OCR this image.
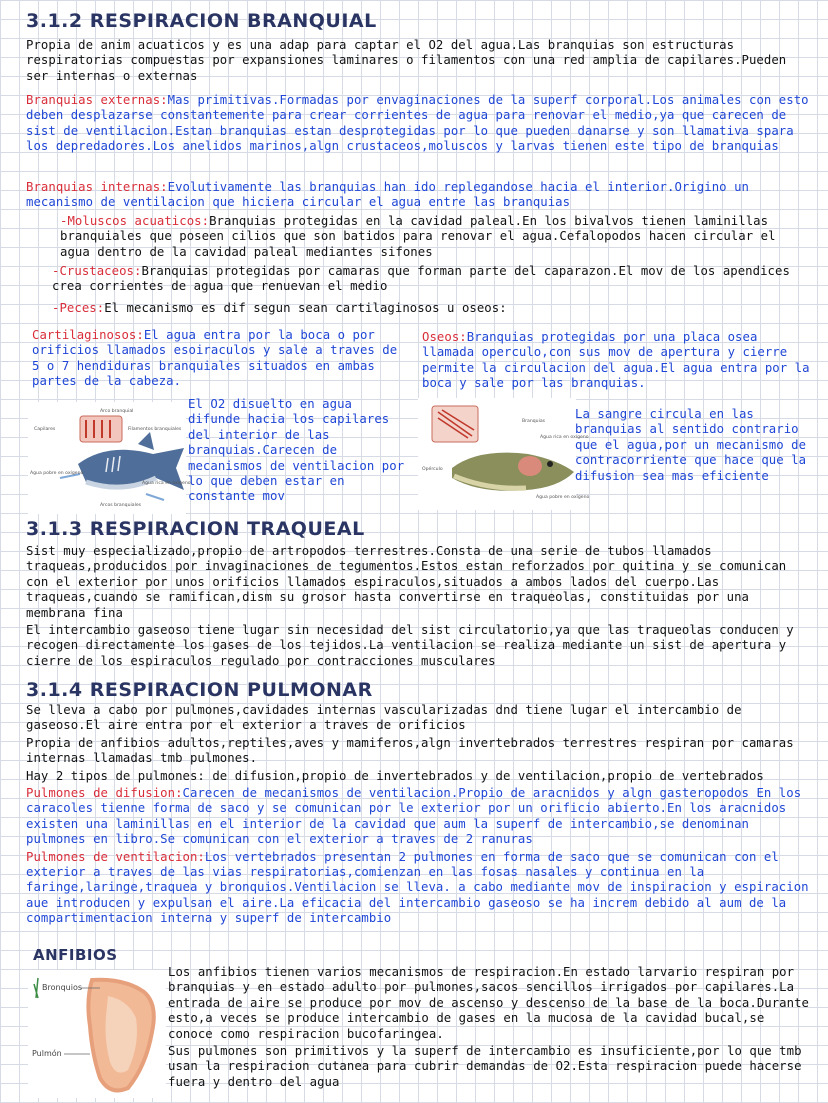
3.1.2 RESPIRACION BRANQUIAL

Propia de anim acuaticos y es una adap para captar el O2 del agua.Las branquias son estructuras respiratorias compuestas por expansiones laminares o filamentos con una red amplia de capilares.Pueden ser internas o externas

Branquias externas:Mas primitivas.Formadas por envaginaciones de la superf corporal.Los animales con esto deben desplazarse constantemente para crear corrientes de agua para renovar el medio,ya que carecen de sist de ventilacion.Estan branquias estan desprotegidas por lo que pueden danarse y son llamativa spara los depredadores.Los anelidos marinos,algn crustaceos,moluscos y larvas tienen este tipo de branquias

Branquias internas:Evolutivamente las branquias han ido replegandose hacia el interior.Origino un mecanismo de ventilacion que hiciera circular el agua entre las branquias

-Moluscos acuaticos:Branquias protegidas en la cavidad paleal.En los bivalvos tienen laminillas branquiales que poseen cilios que son batidos para renovar el agua.Cefalopodos hacen circular el agua dentro de la cavidad paleal mediantes sifones

-Crustaceos:Branquias protegidas por camaras que forman parte del caparazon.El mov de los apendices crea corrientes de agua que renuevan el medio

-Peces:El mecanismo es dif segun sean cartilaginosos u oseos:

Cartilaginosos:El agua entra por la boca o por orificios llamados esoiraculos y sale a traves de 5 o 7 hendiduras branquiales situados en ambas partes de la cabeza.

Oseos:Branquias protegidas por una placa osea llamada operculo,con sus mov de apertura y cierre permite la circulacion del agua.El agua entra por la boca y sale por las branquias.

Arco branquial
Capilares	Filamentos branquiales
Agua pobre en oxígeno
Agua rica en oxígeno
Arcos branquiales

El O2 disuelto en agua difunde hacia los capilares del interior de las branquias.Carecen de mecanismos de ventilacion por lo que deben estar en constante mov

Branquias
Agua rica en oxígeno
Opérculo
Agua pobre en oxígeno

La sangre circula en las branquias al sentido contrario que el agua,por un mecanismo de contracorriente que hace que la difusion sea mas eficiente

3.1.3 RESPIRACION TRAQUEAL

Sist muy especializado,propio de artropodos terrestres.Consta de una serie de tubos llamados traqueas,producidos por invaginaciones de tegumentos.Estos estan reforzados por quitina y se comunican con el exterior por unos orificios llamados espiraculos,situados a ambos lados del cuerpo.Las traqueas,cuando se ramifican,dism su grosor hasta convertirse en traqueolas, constituidas por una membrana fina

El intercambio gaseoso tiene lugar sin necesidad del sist circulatorio,ya que las traqueolas conducen y recogen directamente los gases de los tejidos.La ventilacion se realiza mediante un sist de apertura y cierre de los espiraculos regulado por contracciones musculares

3.1.4 RESPIRACION PULMONAR

Se lleva a cabo por pulmones,cavidades internas vascularizadas dnd tiene lugar el intercambio de gaseoso.El aire entra por el exterior a traves de orificios

Propia de anfibios adultos,reptiles,aves y mamiferos,algn invertebrados terrestres respiran por camaras internas llamadas tmb pulmones.

Hay 2 tipos de pulmones: de difusion,propio de invertebrados y de ventilacion,propio de vertebrados

Pulmones de difusion:Carecen de mecanismos de ventilacion.Propio de aracnidos y algn gasteropodos En los caracoles tienne forma de saco y se comunican por le exterior por un orificio abierto.En los aracnidos existen una laminillas en el interior de la cavidad que aum la superf de intercambio,se denominan pulmones en libro.Se comunican con el exterior a traves de 2 ranuras

Pulmones de ventilacion:Los vertebrados presentan 2 pulmones en forma de saco que se comunican con el exterior a traves de las vias respiratorias,comienzan en las fosas nasales y continua en la faringe,laringe,traquea y bronquios.Ventilacion se lleva. a cabo mediante mov de inspiracion y espiracion aue introducen y expulsan el aire.La eficacia del intercambio gaseoso se ha increm debido al aum de la compartimentacion interna y superf de intercambio

ANFIBIOS
Bronquios
Pulmón

Los anfibios tienen varios mecanismos de respiracion.En estado larvario respiran por branquias y en estado adulto por pulmones,sacos sencillos irrigados por capilares.La entrada de aire se produce por mov de ascenso y descenso de la base de la boca.Durante esto,a veces se produce intercambio de gases en la mucosa de la cavidad bucal,se conoce como respiracion bucofaringea.

Sus pulmones son primitivos y la superf de intercambio es insuficiente,por lo que tmb usan la respiracion cutanea para cubrir demandas de O2.Esta respiracion puede hacerse fuera y dentro del agua
